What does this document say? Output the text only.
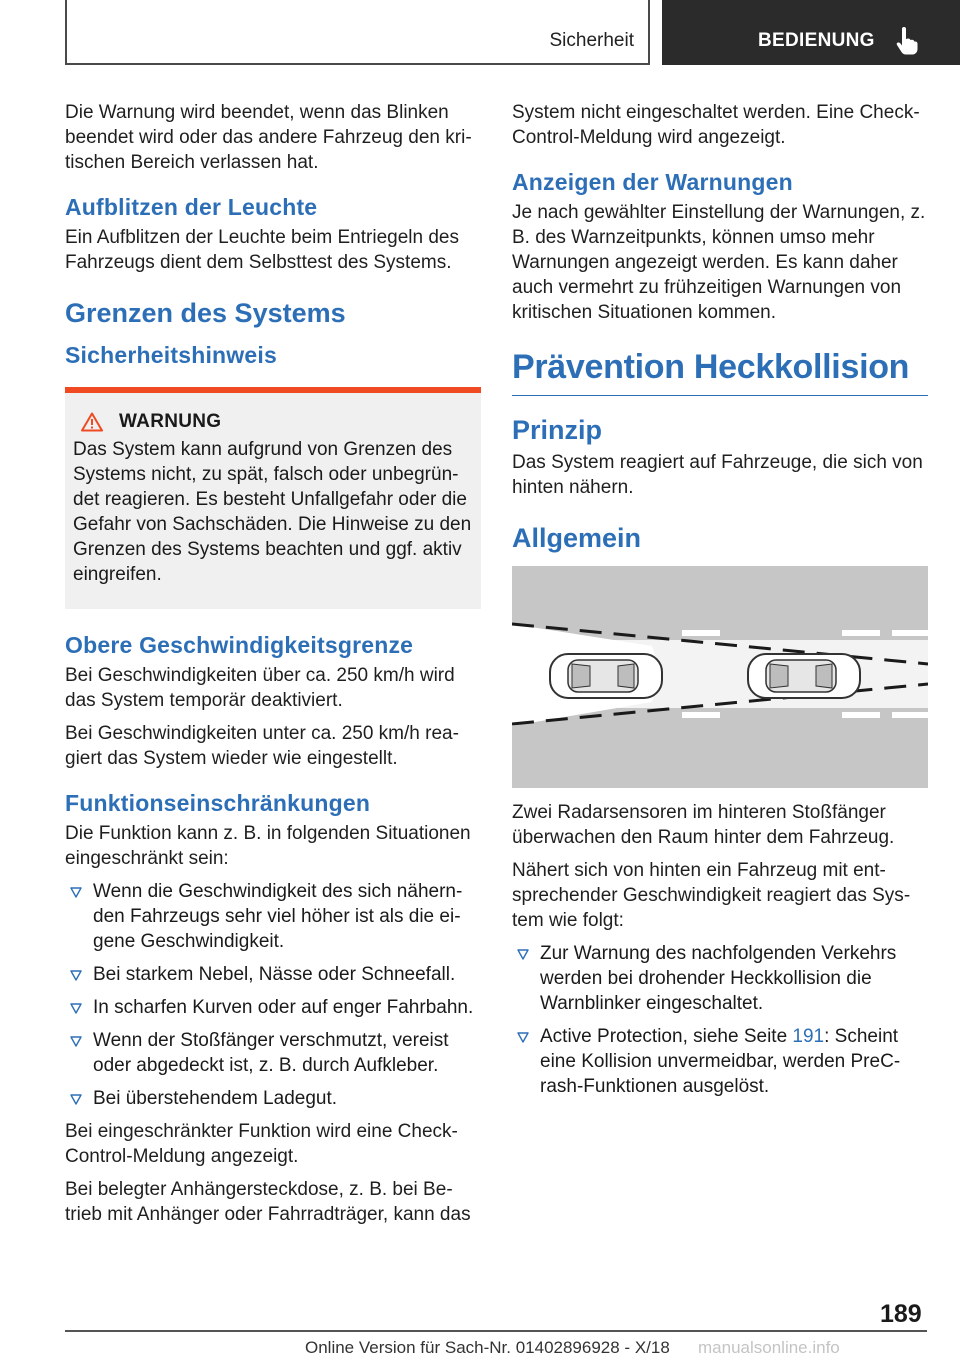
Sicherheit	BEDIENUNG

Die Warnung wird beendet, wenn das Blinken beendet wird oder das andere Fahrzeug den kritischen Bereich verlassen hat.

Aufblitzen der Leuchte

Ein Aufblitzen der Leuchte beim Entriegeln des Fahrzeugs dient dem Selbsttest des Systems.

Grenzen des Systems
Sicherheitshinweis
WARNUNG

Das System kann aufgrund von Grenzen des Systems nicht, zu spät, falsch oder unbegründet reagieren. Es besteht Unfallgefahr oder die Gefahr von Sachschäden. Die Hinweise zu den Grenzen des Systems beachten und ggf. aktiv eingreifen.

Obere Geschwindigkeitsgrenze

Bei Geschwindigkeiten über ca. 250 km/h wird das System temporär deaktiviert.

Bei Geschwindigkeiten unter ca. 250 km/h reagiert das System wieder wie eingestellt.

Funktionseinschränkungen

Die Funktion kann z. B. in folgenden Situationen eingeschränkt sein:

Wenn die Geschwindigkeit des sich nähernden Fahrzeugs sehr viel höher ist als die eigene Geschwindigkeit.
Bei starkem Nebel, Nässe oder Schneefall.
In scharfen Kurven oder auf enger Fahrbahn.
Wenn der Stoßfänger verschmutzt, vereist oder abgedeckt ist, z. B. durch Aufkleber.
Bei überstehendem Ladegut.

Bei eingeschränkter Funktion wird eine Check-Control-Meldung angezeigt.

Bei belegter Anhängersteckdose, z. B. bei Betrieb mit Anhänger oder Fahrradträger, kann das

System nicht eingeschaltet werden. Eine Check-Control-Meldung wird angezeigt.

Anzeigen der Warnungen

Je nach gewählter Einstellung der Warnungen, z. B. des Warnzeitpunkts, können umso mehr Warnungen angezeigt werden. Es kann daher auch vermehrt zu frühzeitigen Warnungen von kritischen Situationen kommen.

Prävention Heckkollision
Prinzip

Das System reagiert auf Fahrzeuge, die sich von hinten nähern.

Allgemein

Zwei Radarsensoren im hinteren Stoßfänger überwachen den Raum hinter dem Fahrzeug.

Nähert sich von hinten ein Fahrzeug mit entsprechender Geschwindigkeit reagiert das System wie folgt:

Zur Warnung des nachfolgenden Verkehrs werden bei drohender Heckkollision die Warnblinker eingeschaltet.
Active Protection, siehe Seite 191: Scheint eine Kollision unvermeidbar, werden PreCrash-Funktionen ausgelöst.
189
Online Version für Sach-Nr. 01402896928 - X/18 manualsonline.info
